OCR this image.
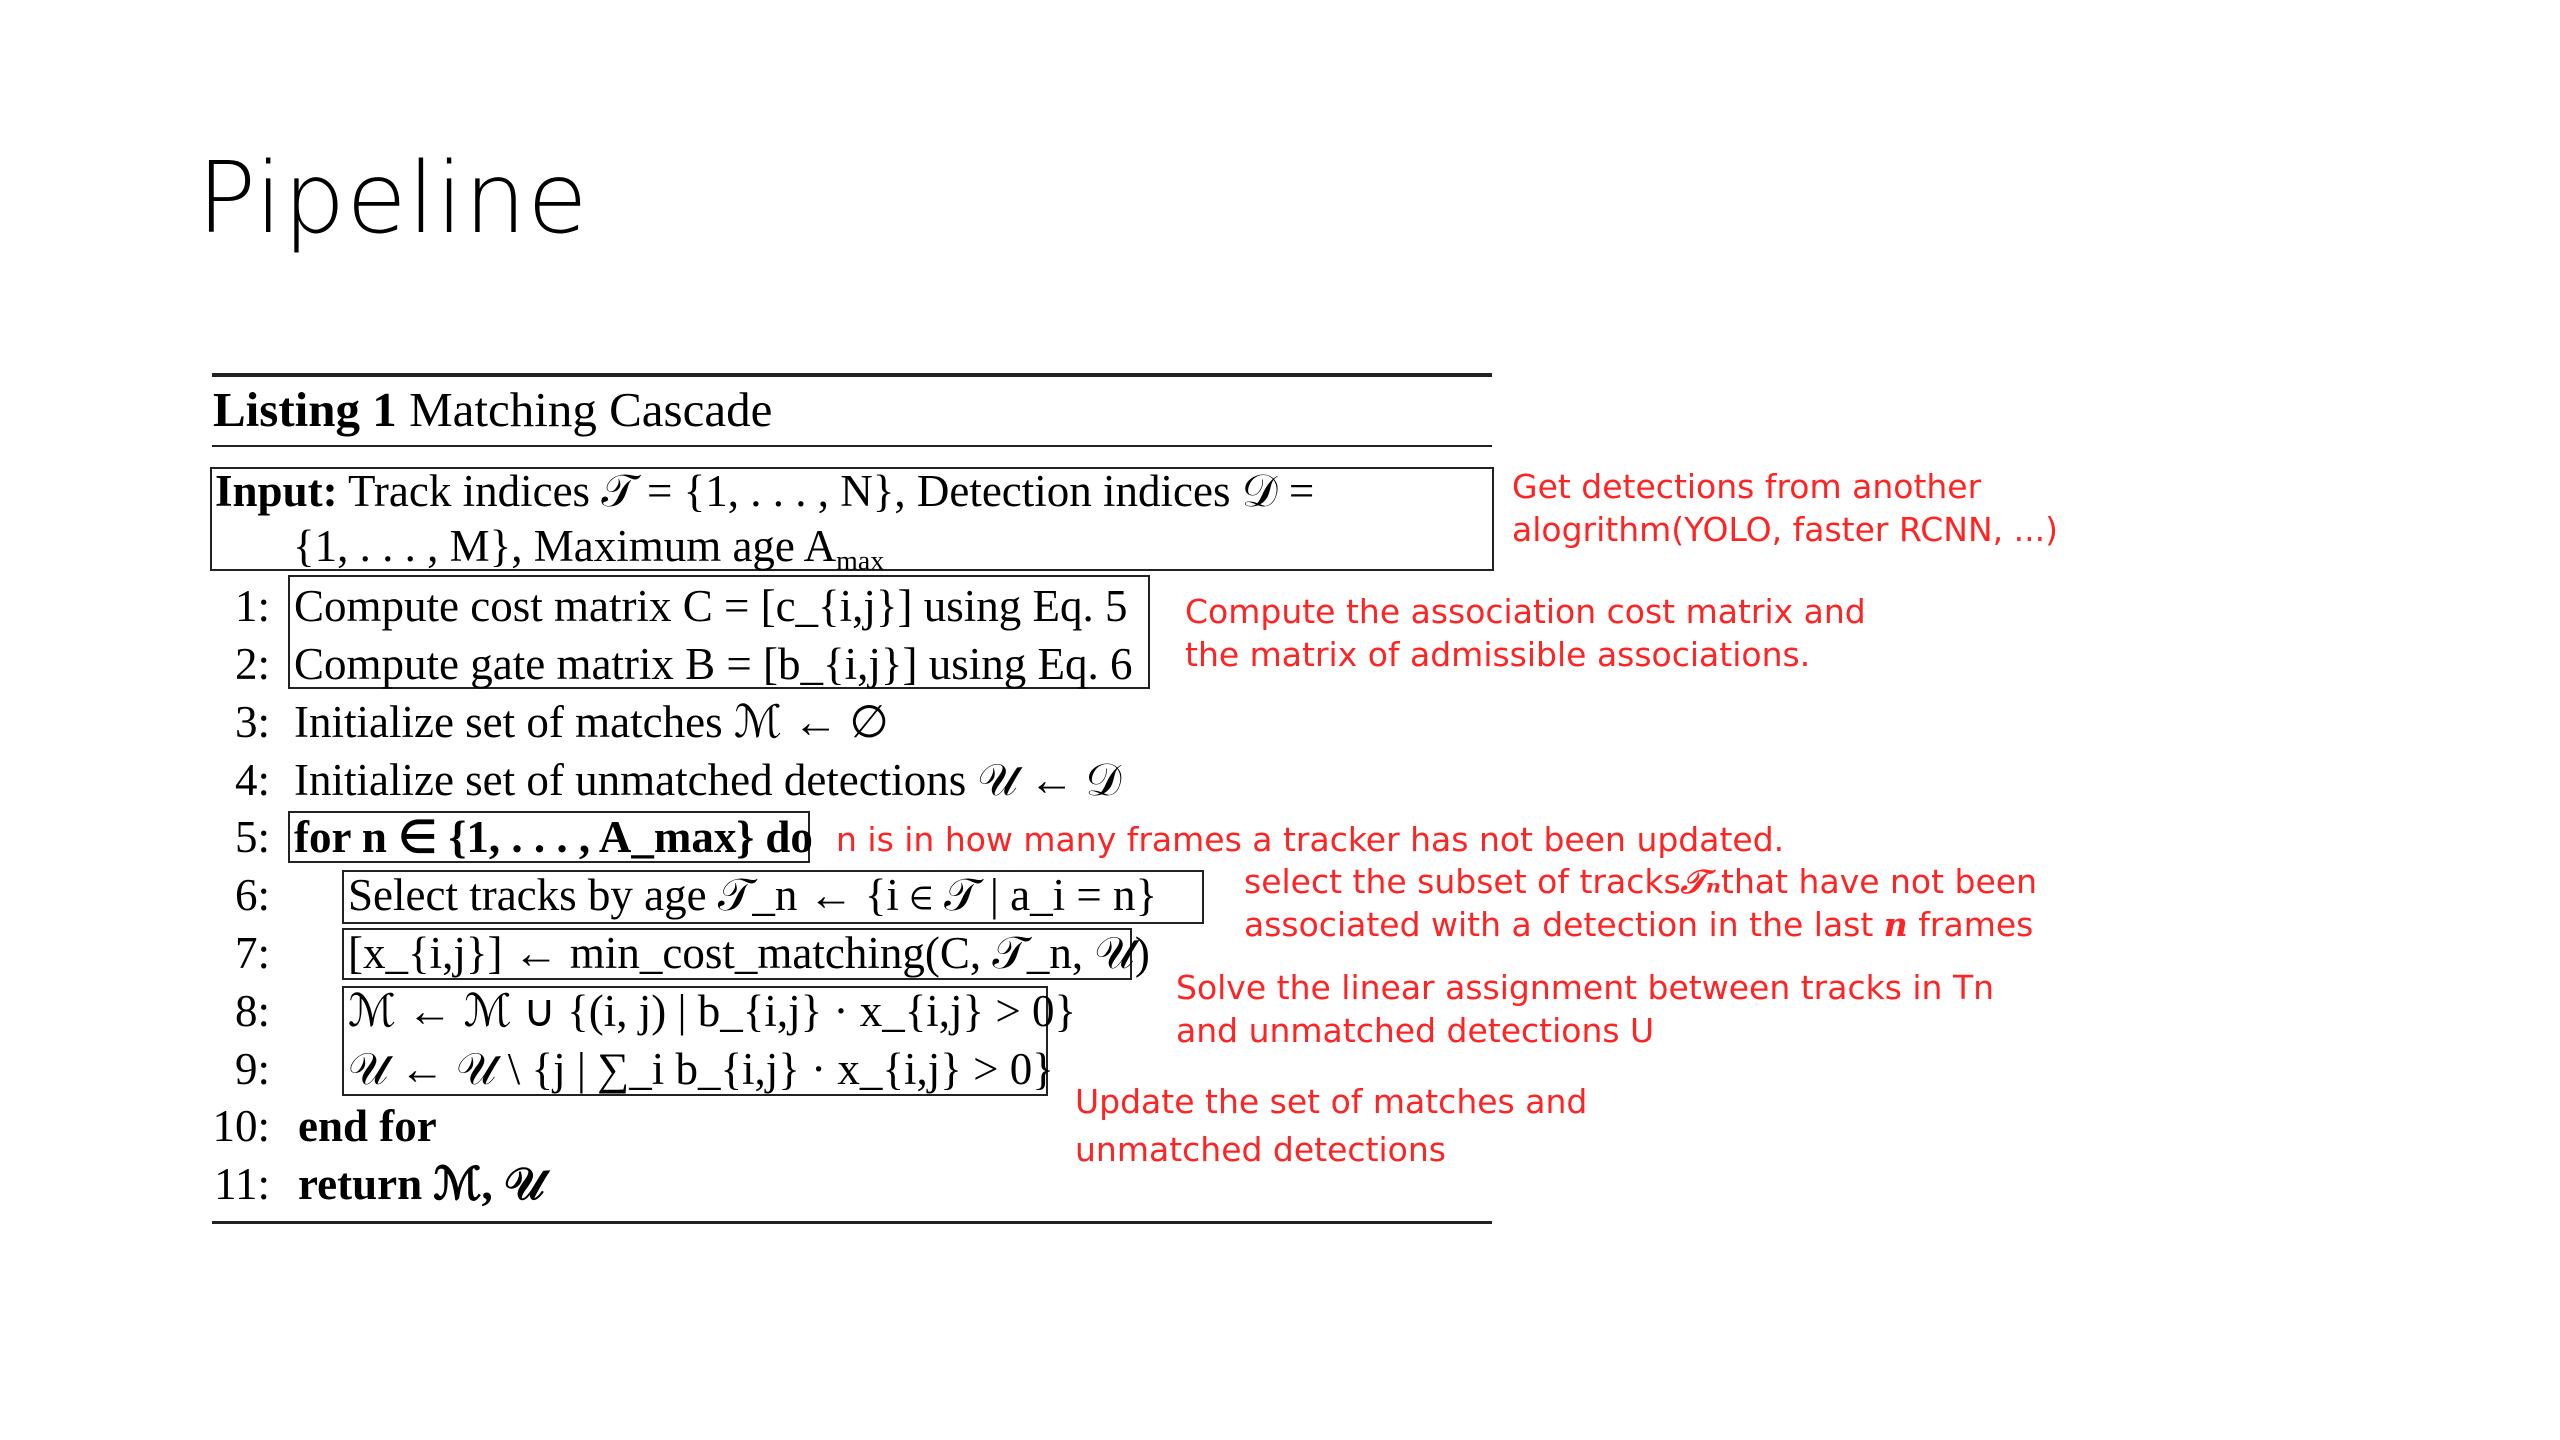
Pipeline
Listing 1 Matching Cascade
Input: Track indices 𝒯 = {1, . . . , N}, Detection indices 𝒟 =
{1, . . . , M}, Maximum age $A_{max}$
1:
2:
3:
4:
5:
6:
7:
8:
9:
10:
11:
Compute cost matrix C = [c_{i,j}] using Eq. 5
Compute gate matrix B = [b_{i,j}] using Eq. 6
Initialize set of matches ℳ ← ∅
Initialize set of unmatched detections 𝒰 ← 𝒟
for n ∈ {1, . . . , A_max} do
Select tracks by age 𝒯_n ← {i ∈ 𝒯 | a_i = n}
[x_{i,j}] ← min_cost_matching(C, 𝒯_n, 𝒰)
ℳ ← ℳ ∪ {(i, j) | b_{i,j} · x_{i,j} > 0}
𝒰 ← 𝒰 \ {j | ∑_i b_{i,j} · x_{i,j} > 0}
end for
return ℳ, 𝒰
Get detections from another
alogrithm(YOLO, faster RCNN, ...)
Compute the association cost matrix and
the matrix of admissible associations.
n is in how many frames a tracker has not been updated.
select the subset of tracks𝒯ₙthat have not been
associated with a detection in the last n frames
Solve the linear assignment between tracks in Tn
and unmatched detections U
Update the set of matches and
unmatched detections
